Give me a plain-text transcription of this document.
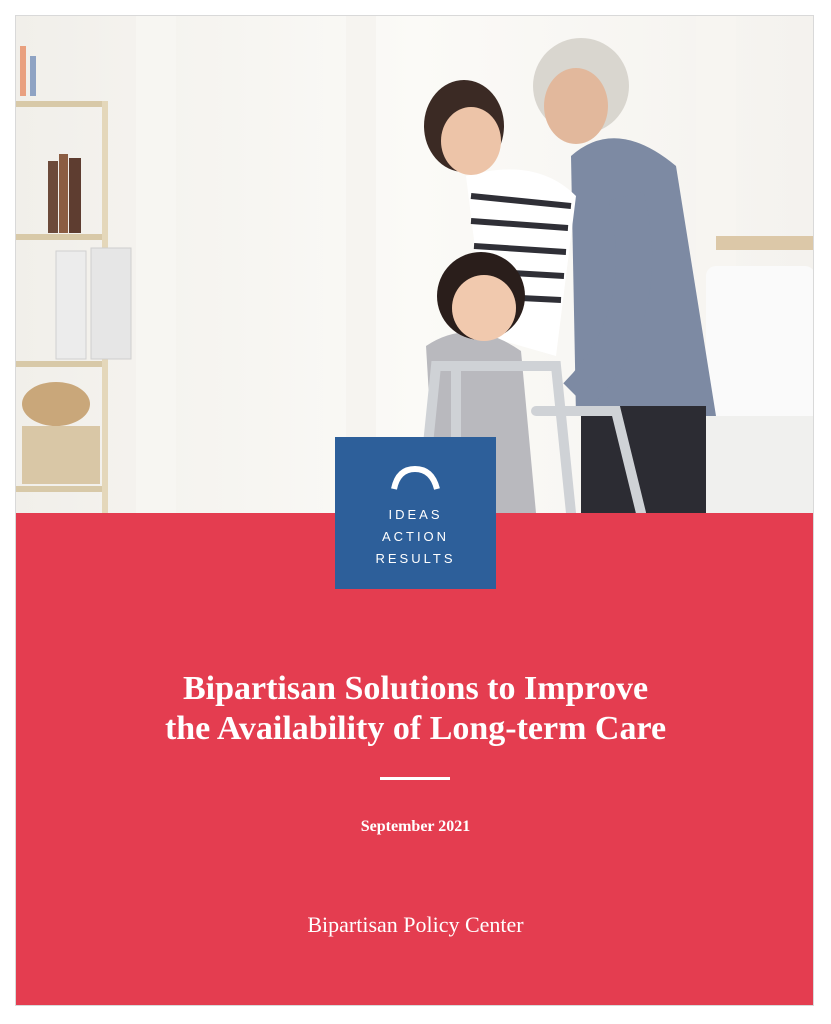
IDEAS
ACTION
RESULTS
Bipartisan Solutions to Improve
the Availability of Long-term Care
September 2021
Bipartisan Policy Center
